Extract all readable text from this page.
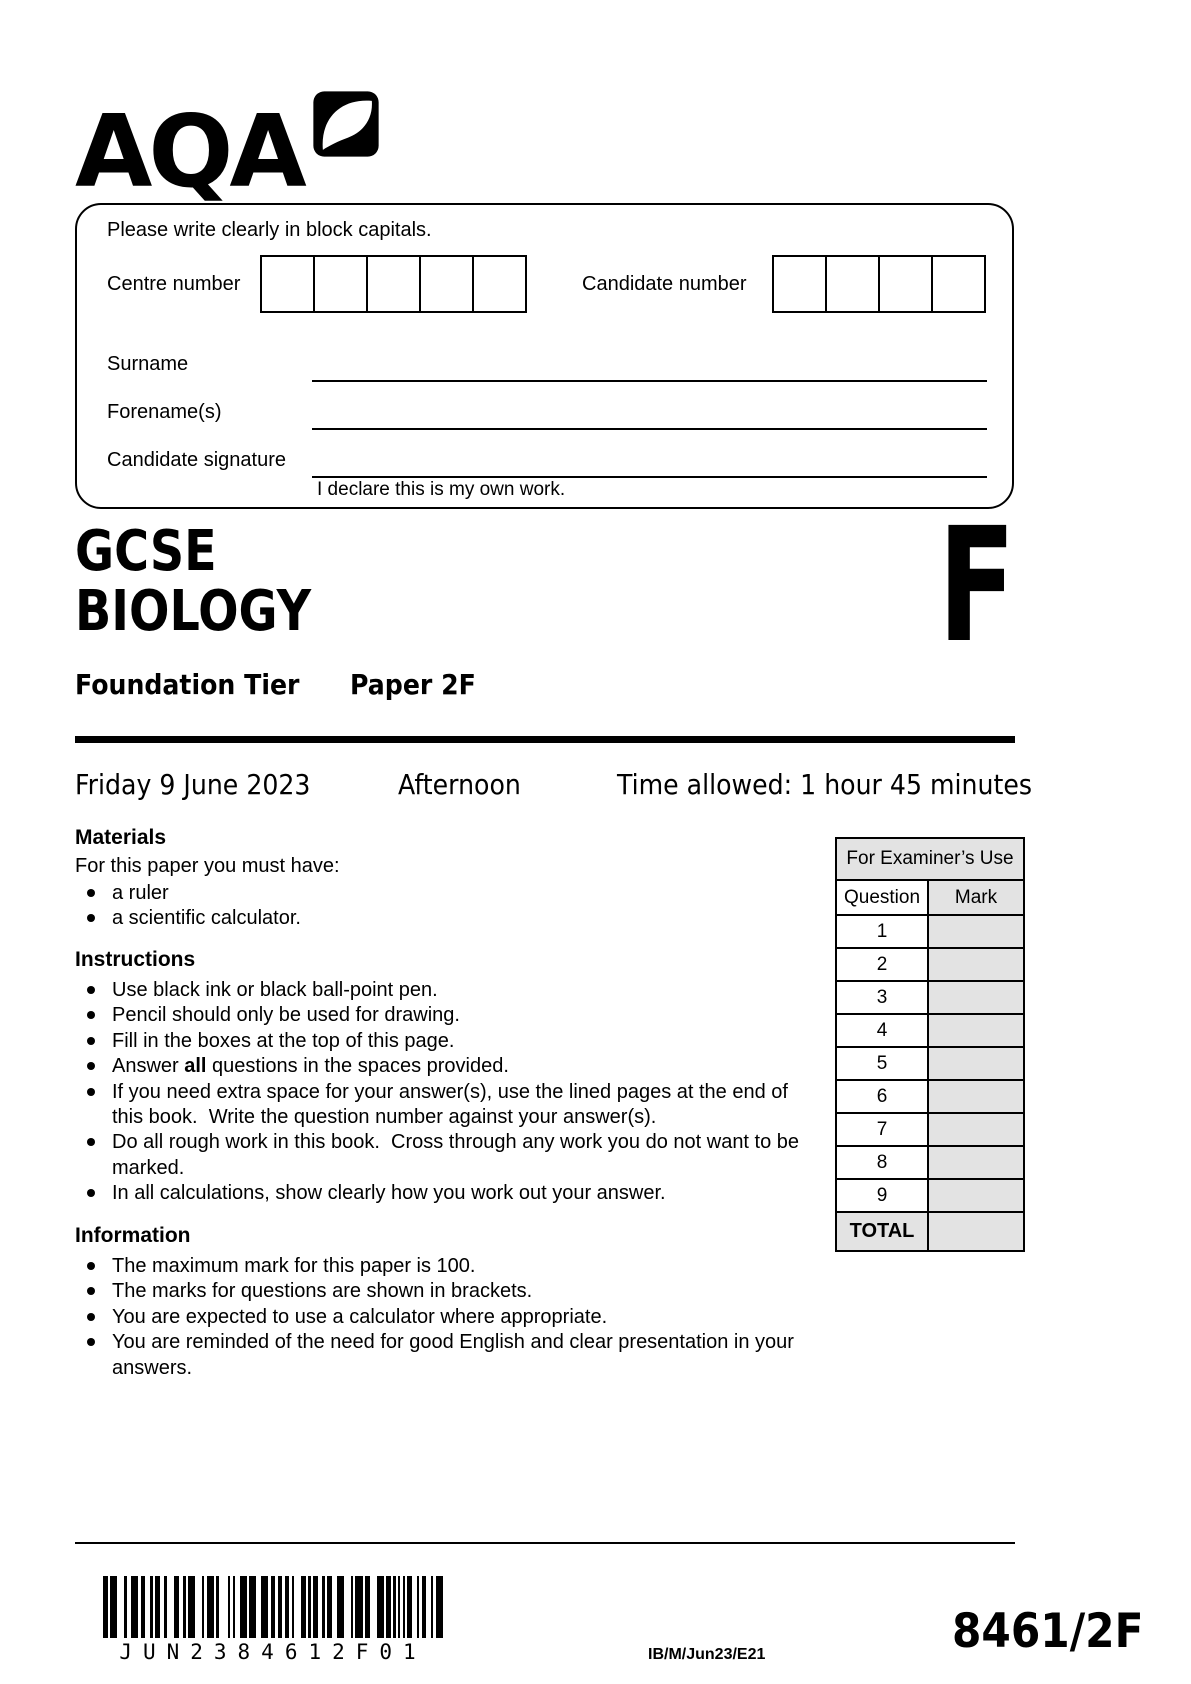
AQA
Please write clearly in block capitals.
Centre number	Candidate number
Surname
Forename(s)
Candidate signature
I declare this is my own work.
GCSE
BIOLOGY	F
Foundation Tier Paper 2F
Friday 9 June 2023	Afternoon	Time allowed: 1 hour 45 minutes
Materials
For this paper you must have:
a ruler
a scientific calculator.
Instructions
Use black ink or black ball-point pen.
Pencil should only be used for drawing.
Fill in the boxes at the top of this page.
Answer all questions in the spaces provided.
If you need extra space for your answer(s), use the lined pages at the end of this book.  Write the question number against your answer(s).
Do all rough work in this book.  Cross through any work you do not want to be marked.
In all calculations, show clearly how you work out your answer.
Information
The maximum mark for this paper is 100.
The marks for questions are shown in brackets.
You are expected to use a calculator where appropriate.
You are reminded of the need for good English and clear presentation in your answers.
For Examiner’s Use	
Question	Mark
1	
2	
3	
4	
5	
6	
7	
8	
9	
TOTAL	
JUN2384612F01	IB/M/Jun23/E21	8461/2F
